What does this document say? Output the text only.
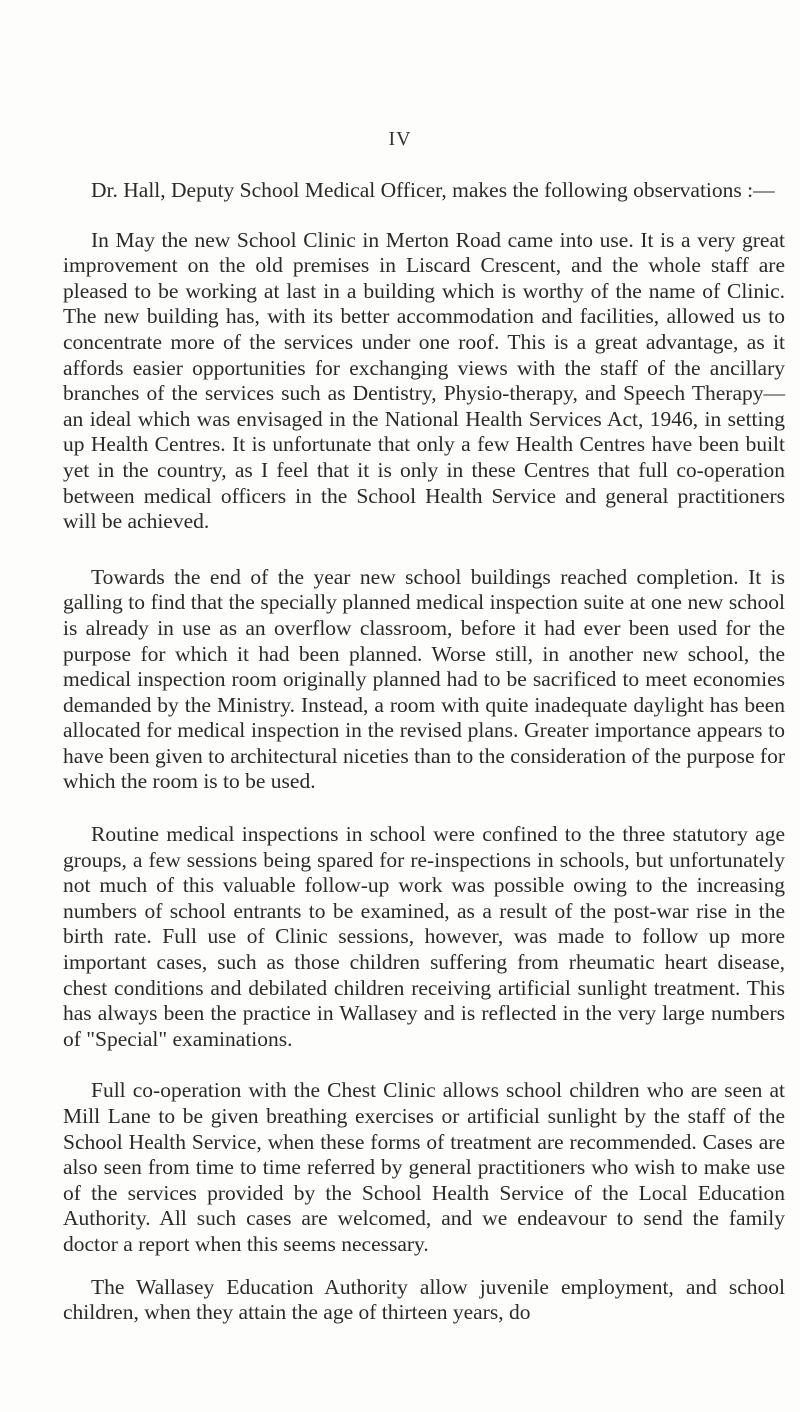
IV

Dr. Hall, Deputy School Medical Officer, makes the following observations :—

In May the new School Clinic in Merton Road came into use. It is a very great improvement on the old premises in Liscard Crescent, and the whole staff are pleased to be working at last in a building which is worthy of the name of Clinic. The new building has, with its better accommodation and facilities, allowed us to concentrate more of the services under one roof. This is a great advantage, as it affords easier opportunities for exchanging views with the staff of the ancillary branches of the services such as Dentistry, Physio-therapy, and Speech Therapy—an ideal which was envisaged in the National Health Services Act, 1946, in setting up Health Centres. It is unfortunate that only a few Health Centres have been built yet in the country, as I feel that it is only in these Centres that full co-operation between medical officers in the School Health Service and general practitioners will be achieved.

Towards the end of the year new school buildings reached completion. It is galling to find that the specially planned medical inspection suite at one new school is already in use as an overflow classroom, before it had ever been used for the purpose for which it had been planned. Worse still, in another new school, the medical inspection room originally planned had to be sacrificed to meet economies demanded by the Ministry. Instead, a room with quite inadequate daylight has been allocated for medical inspection in the revised plans. Greater importance appears to have been given to architectural niceties than to the consideration of the purpose for which the room is to be used.

Routine medical inspections in school were confined to the three statutory age groups, a few sessions being spared for re-inspections in schools, but unfortunately not much of this valuable follow-up work was possible owing to the increasing numbers of school entrants to be examined, as a result of the post-war rise in the birth rate. Full use of Clinic sessions, however, was made to follow up more important cases, such as those children suffering from rheumatic heart disease, chest conditions and debilated children receiving artificial sunlight treatment. This has always been the practice in Wallasey and is reflected in the very large numbers of "Special" examinations.

Full co-operation with the Chest Clinic allows school children who are seen at Mill Lane to be given breathing exercises or artificial sunlight by the staff of the School Health Service, when these forms of treatment are recommended. Cases are also seen from time to time referred by general practitioners who wish to make use of the services provided by the School Health Service of the Local Education Authority. All such cases are welcomed, and we endeavour to send the family doctor a report when this seems necessary.

The Wallasey Education Authority allow juvenile employment, and school children, when they attain the age of thirteen years, do
